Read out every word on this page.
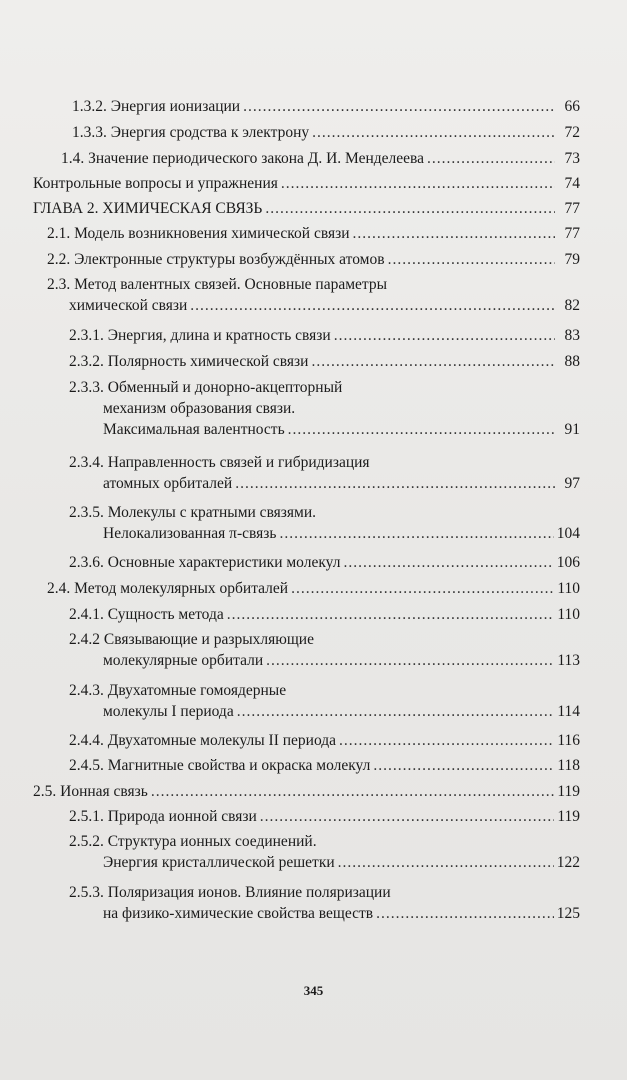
1.3.2. Энергия ионизации .....	66
1.3.3. Энергия сродства к электрону .....	72
1.4. Значение периодического закона Д. И. Менделеева .....	73
Контрольные вопросы и упражнения .....	74
ГЛАВА 2. ХИМИЧЕСКАЯ СВЯЗЬ .....	77
2.1. Модель возникновения химической связи .....	77
2.2. Электронные структуры возбуждённых атомов .....	79
2.3. Метод валентных связей. Основные параметры
химической связи .....	82
2.3.1. Энергия, длина и кратность связи .....	83
2.3.2. Полярность химической связи .....	88
2.3.3. Обменный и донорно-акцепторный
механизм образования связи.
Максимальная валентность .....	91
2.3.4. Направленность связей и гибридизация
атомных орбиталей .....	97
2.3.5. Молекулы с кратными связями.
Нелокализованная π-связь .....	104
2.3.6. Основные характеристики молекул .....	106
2.4. Метод молекулярных орбиталей .....	110
2.4.1. Сущность метода .....	110
2.4.2 Связывающие и разрыхляющие
молекулярные орбитали .....	113
2.4.3. Двухатомные гомоядерные
молекулы I периода .....	114
2.4.4. Двухатомные молекулы II периода .....	116
2.4.5. Магнитные свойства и окраска молекул .....	118
2.5. Ионная связь .....	119
2.5.1. Природа ионной связи .....	119
2.5.2. Структура ионных соединений.
Энергия кристаллической решетки .....	122
2.5.3. Поляризация ионов. Влияние поляризации
на физико-химические свойства веществ .....	125
345
